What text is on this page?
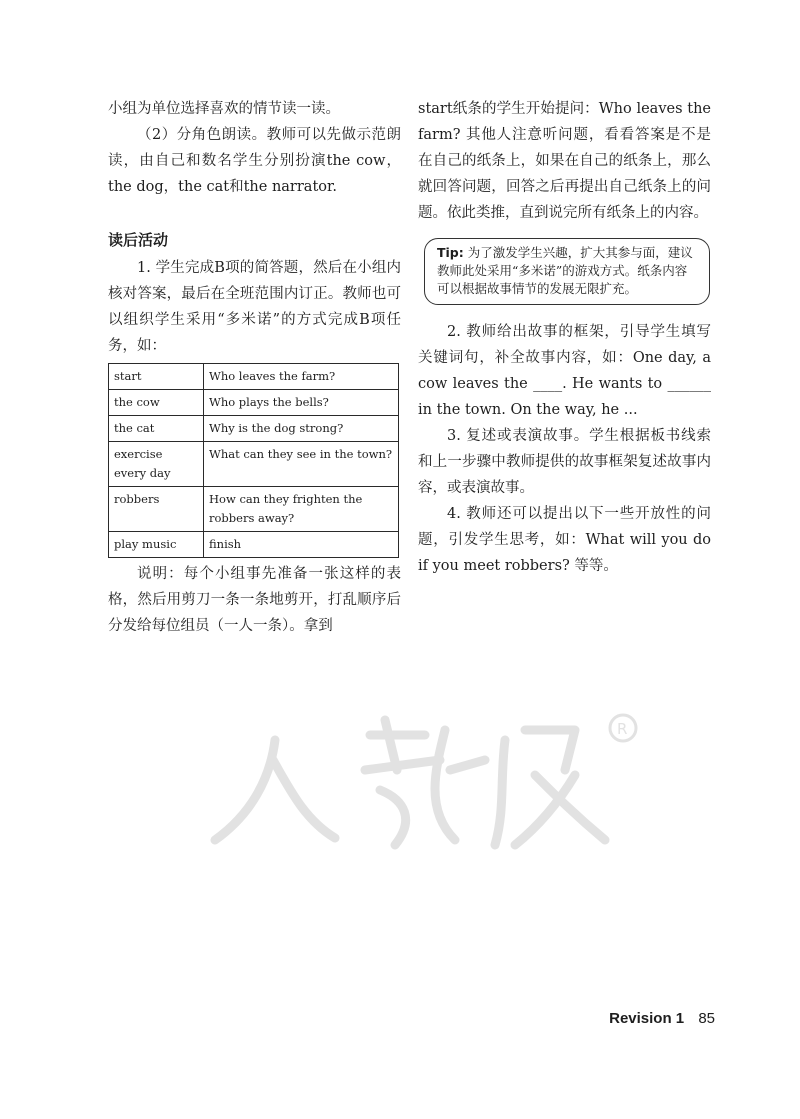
小组为单位选择喜欢的情节读一读。

（2）分角色朗读。教师可以先做示范朗读，由自己和数名学生分别扮演the cow，the dog，the cat和the narrator.

读后活动

1. 学生完成B项的简答题，然后在小组内核对答案，最后在全班范围内订正。教师也可以组织学生采用“多米诺”的方式完成B项任务，如：

start	Who leaves the farm?
the cow	Who plays the bells?
the cat	Why is the dog strong?
exercise every day	What can they see in the town?
robbers	How can they frighten the robbers away?
play music	finish

说明：每个小组事先准备一张这样的表格，然后用剪刀一条一条地剪开，打乱顺序后分发给每位组员（一人一条）。拿到

start纸条的学生开始提问：Who leaves the farm? 其他人注意听问题，看看答案是不是在自己的纸条上，如果在自己的纸条上，那么就回答问题，回答之后再提出自己纸条上的问题。依此类推，直到说完所有纸条上的内容。

Tip: 为了激发学生兴趣，扩大其参与面，建议教师此处采用“多米诺”的游戏方式。纸条内容可以根据故事情节的发展无限扩充。

2. 教师给出故事的框架，引导学生填写关键词句，补全故事内容，如：One day, a cow leaves the ____. He wants to ______ in the town. On the way, he ...

3. 复述或表演故事。学生根据板书线索和上一步骤中教师提供的故事框架复述故事内容，或表演故事。

4. 教师还可以提出以下一些开放性的问题，引发学生思考，如：What will you do if you meet robbers? 等等。

R
Revision 1 85
